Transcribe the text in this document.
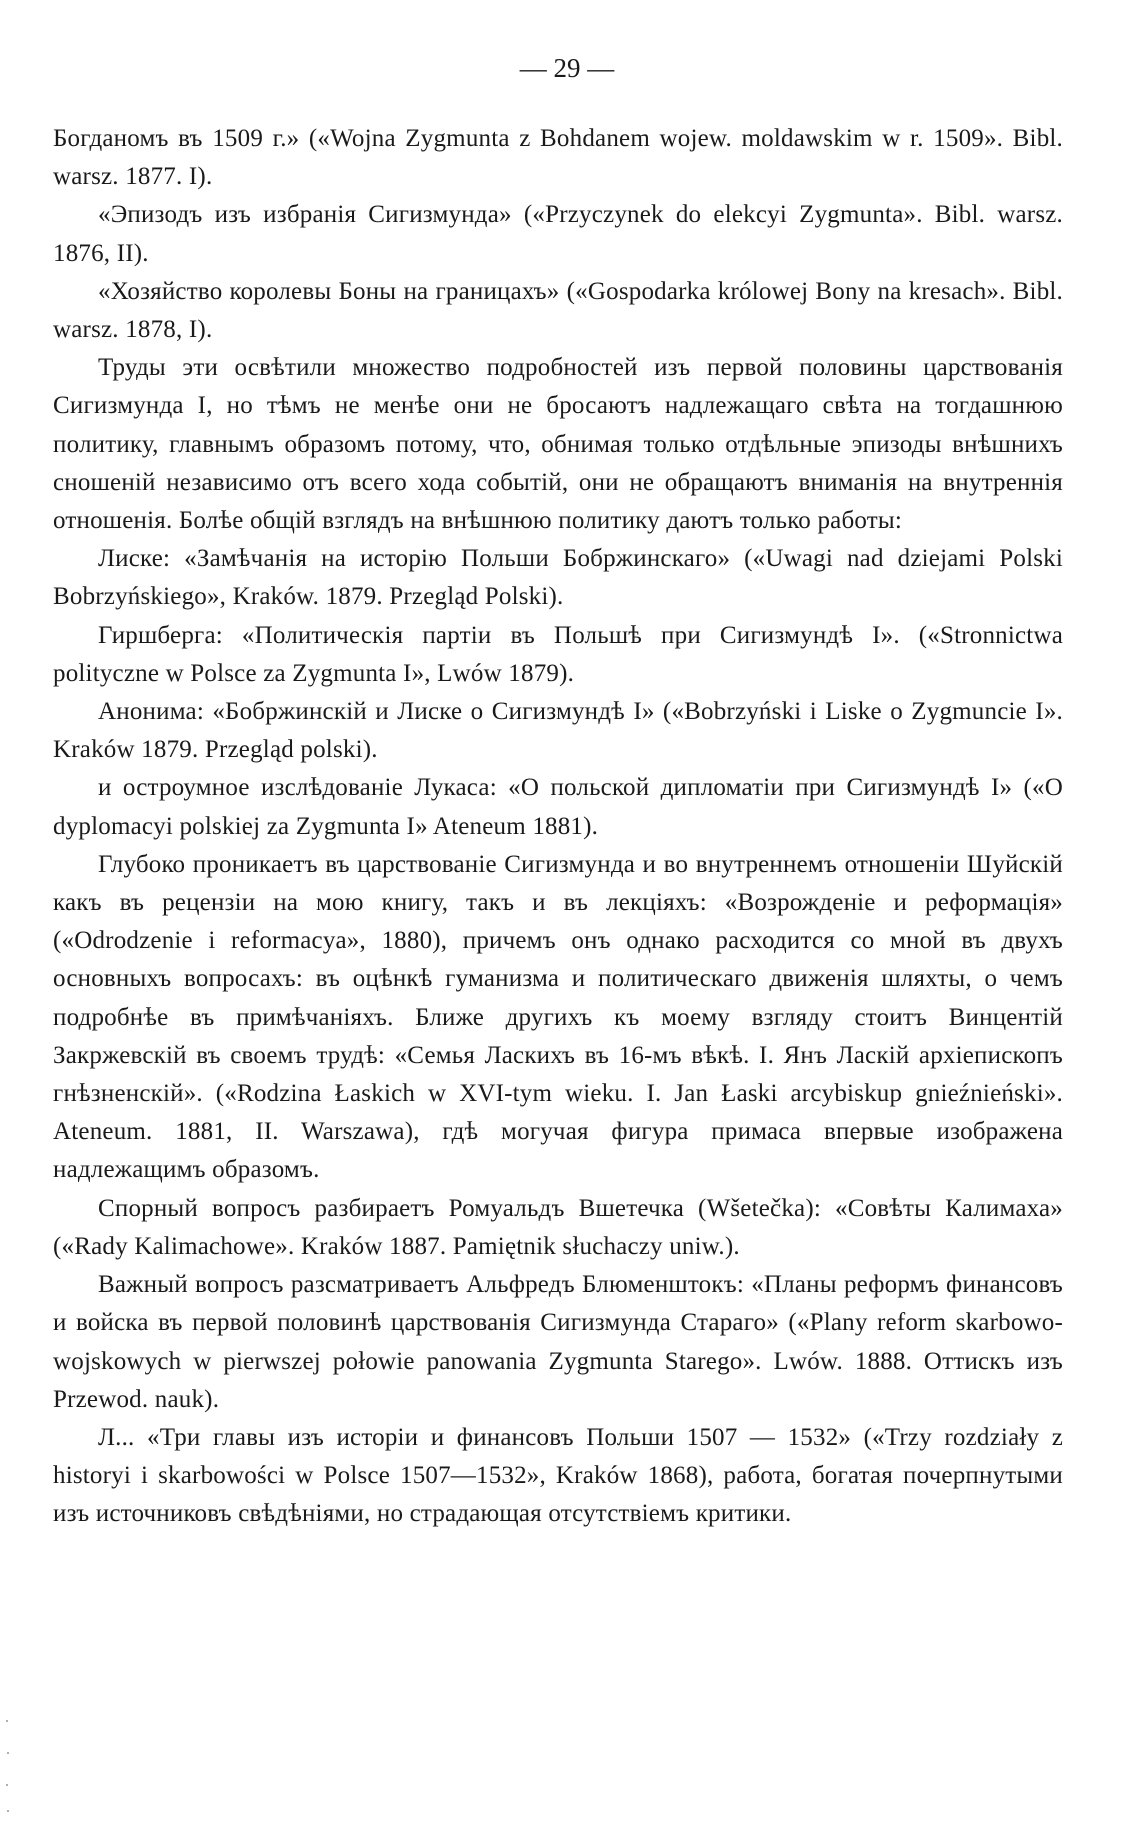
— 29 —

Богданомъ въ 1509 г.» («Wojna Zygmunta z Bohdanem wojew. moldawskim w r. 1509». Bibl. warsz. 1877. I).

«Эпизодъ изъ избранія Сигизмунда» («Przyczynek do elekcyi Zygmunta». Bibl. warsz. 1876, II).

«Хозяйство королевы Боны на границахъ» («Gospodarka królowej Bony na kresach». Bibl. warsz. 1878, I).

Труды эти освѣтили множество подробностей изъ первой половины царствованія Сигизмунда I, но тѣмъ не менѣе они не бросаютъ надлежащаго свѣта на тогдашнюю политику, главнымъ образомъ потому, что, обнимая только отдѣльные эпизоды внѣшнихъ сношеній независимо отъ всего хода событій, они не обращаютъ вниманія на внутреннія отношенія. Болѣе общій взглядъ на внѣшнюю политику даютъ только работы:

Лиске: «Замѣчанія на исторію Польши Бобржинскаго» («Uwagi nad dziejami Polski Bobrzyńskiego», Kraków. 1879. Przegląd Polski).

Гиршберга: «Политическія партіи въ Польшѣ при Сигизмундѣ I». («Stronnictwa polityczne w Polsce za Zygmunta I», Lwów 1879).

Анонима: «Бобржинскій и Лиске о Сигизмундѣ I» («Bobrzyński i Liske o Zygmuncie I». Kraków 1879. Przegląd polski).

и остроумное изслѣдованіе Лукаса: «О польской дипломатіи при Сигизмундѣ I» («O dyplomacyi polskiej za Zygmunta I» Ateneum 1881).

Глубоко проникаетъ въ царствованіе Сигизмунда и во внутреннемъ отношеніи Шуйскій какъ въ рецензіи на мою книгу, такъ и въ лекціяхъ: «Возрожденіе и реформація» («Odrodzenie i reformacya», 1880), причемъ онъ однако расходится со мной въ двухъ основныхъ вопросахъ: въ оцѣнкѣ гуманизма и политическаго движенія шляхты, о чемъ подробнѣе въ примѣчаніяхъ. Ближе другихъ къ моему взгляду стоитъ Винцентій Закржевскій въ своемъ трудѣ: «Семья Ласкихъ въ 16-мъ вѣкѣ. I. Янъ Ласкій архіепископъ гнѣзненскій». («Rodzina Łaskich w XVI-tym wieku. I. Jan Łaski arcybiskup gnieźnieński». Ateneum. 1881, II. Warszawa), гдѣ могучая фигура примаса впервые изображена надлежащимъ образомъ.

Спорный вопросъ разбираетъ Ромуальдъ Вшетечка (Wšetečka): «Совѣты Калимаха» («Rady Kalimachowe». Kraków 1887. Pamiętnik słuchaczy uniw.).

Важный вопросъ разсматриваетъ Альфредъ Блюменштокъ: «Планы реформъ финансовъ и войска въ первой половинѣ царствованія Сигизмунда Стараго» («Plany reform skarbowo-wojskowych w pierwszej połowie panowania Zygmunta Starego». Lwów. 1888. Оттискъ изъ Przewod. nauk).

Л... «Три главы изъ исторіи и финансовъ Польши 1507 — 1532» («Trzy rozdziały z historyi i skarbowości w Polsce 1507—1532», Kraków 1868), работа, богатая почерпнутыми изъ источниковъ свѣдѣніями, но страдающая отсутствіемъ критики.
